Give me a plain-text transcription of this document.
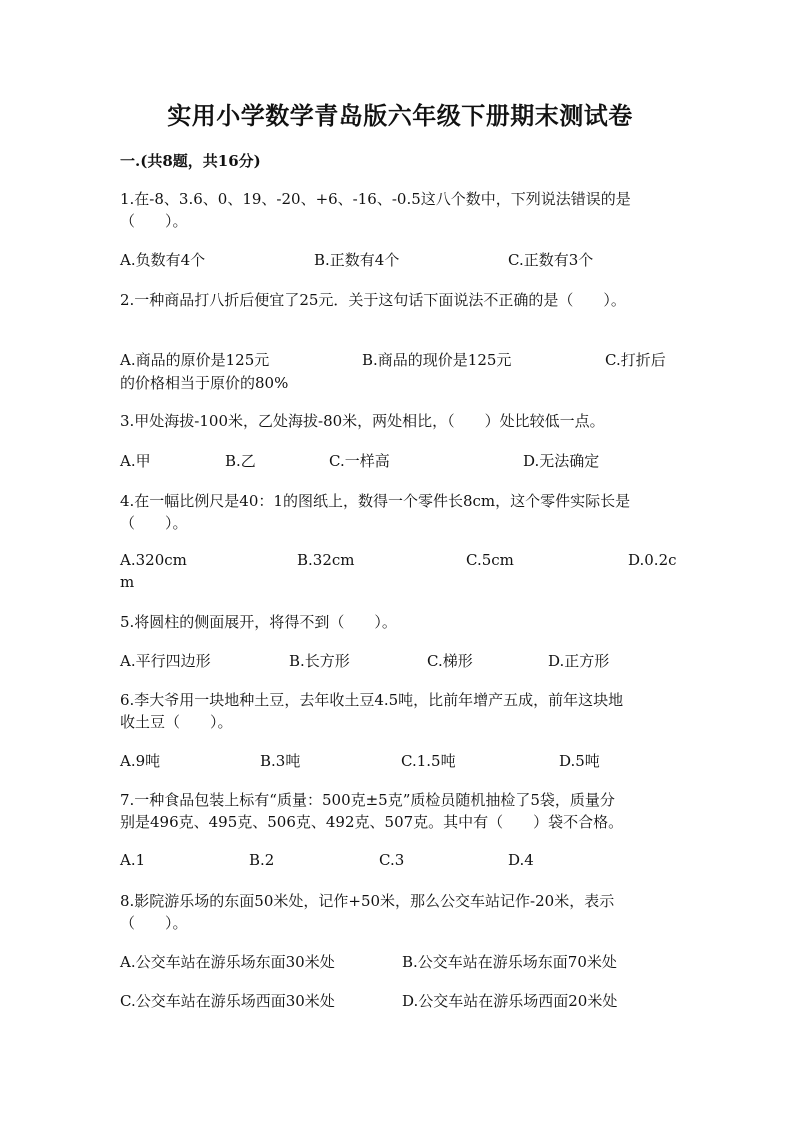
实用小学数学青岛版六年级下册期末测试卷
一.(共8题，共16分)
1.在-8、3.6、0、19、-20、+6、-16、-0.5这八个数中，下列说法错误的是
（　　）。
A.负数有4个	B.正数有4个	C.正数有3个
2.一种商品打八折后便宜了25元．关于这句话下面说法不正确的是（　　）。
A.商品的原价是125元	B.商品的现价是125元	C.打折后
的价格相当于原价的80%
3.甲处海拔-100米，乙处海拔-80米，两处相比，（　　）处比较低一点。
A.甲	B.乙	C.一样高	D.无法确定
4.在一幅比例尺是40：1的图纸上，数得一个零件长8cm，这个零件实际长是
（　　）。
A.320cm	B.32cm	C.5cm	D.0.2c
m
5.将圆柱的侧面展开，将得不到（　　）。
A.平行四边形	B.长方形	C.梯形	D.正方形
6.李大爷用一块地种土豆，去年收土豆4.5吨，比前年增产五成，前年这块地
收土豆（　　）。
A.9吨	B.3吨	C.1.5吨	D.5吨
7.一种食品包装上标有“质量：500克±5克”质检员随机抽检了5袋，质量分
别是496克、495克、506克、492克、507克。其中有（　　）袋不合格。
A.1	B.2	C.3	D.4
8.影院游乐场的东面50米处，记作+50米，那么公交车站记作-20米，表示
（　　）。
A.公交车站在游乐场东面30米处	B.公交车站在游乐场东面70米处
C.公交车站在游乐场西面30米处	D.公交车站在游乐场西面20米处
